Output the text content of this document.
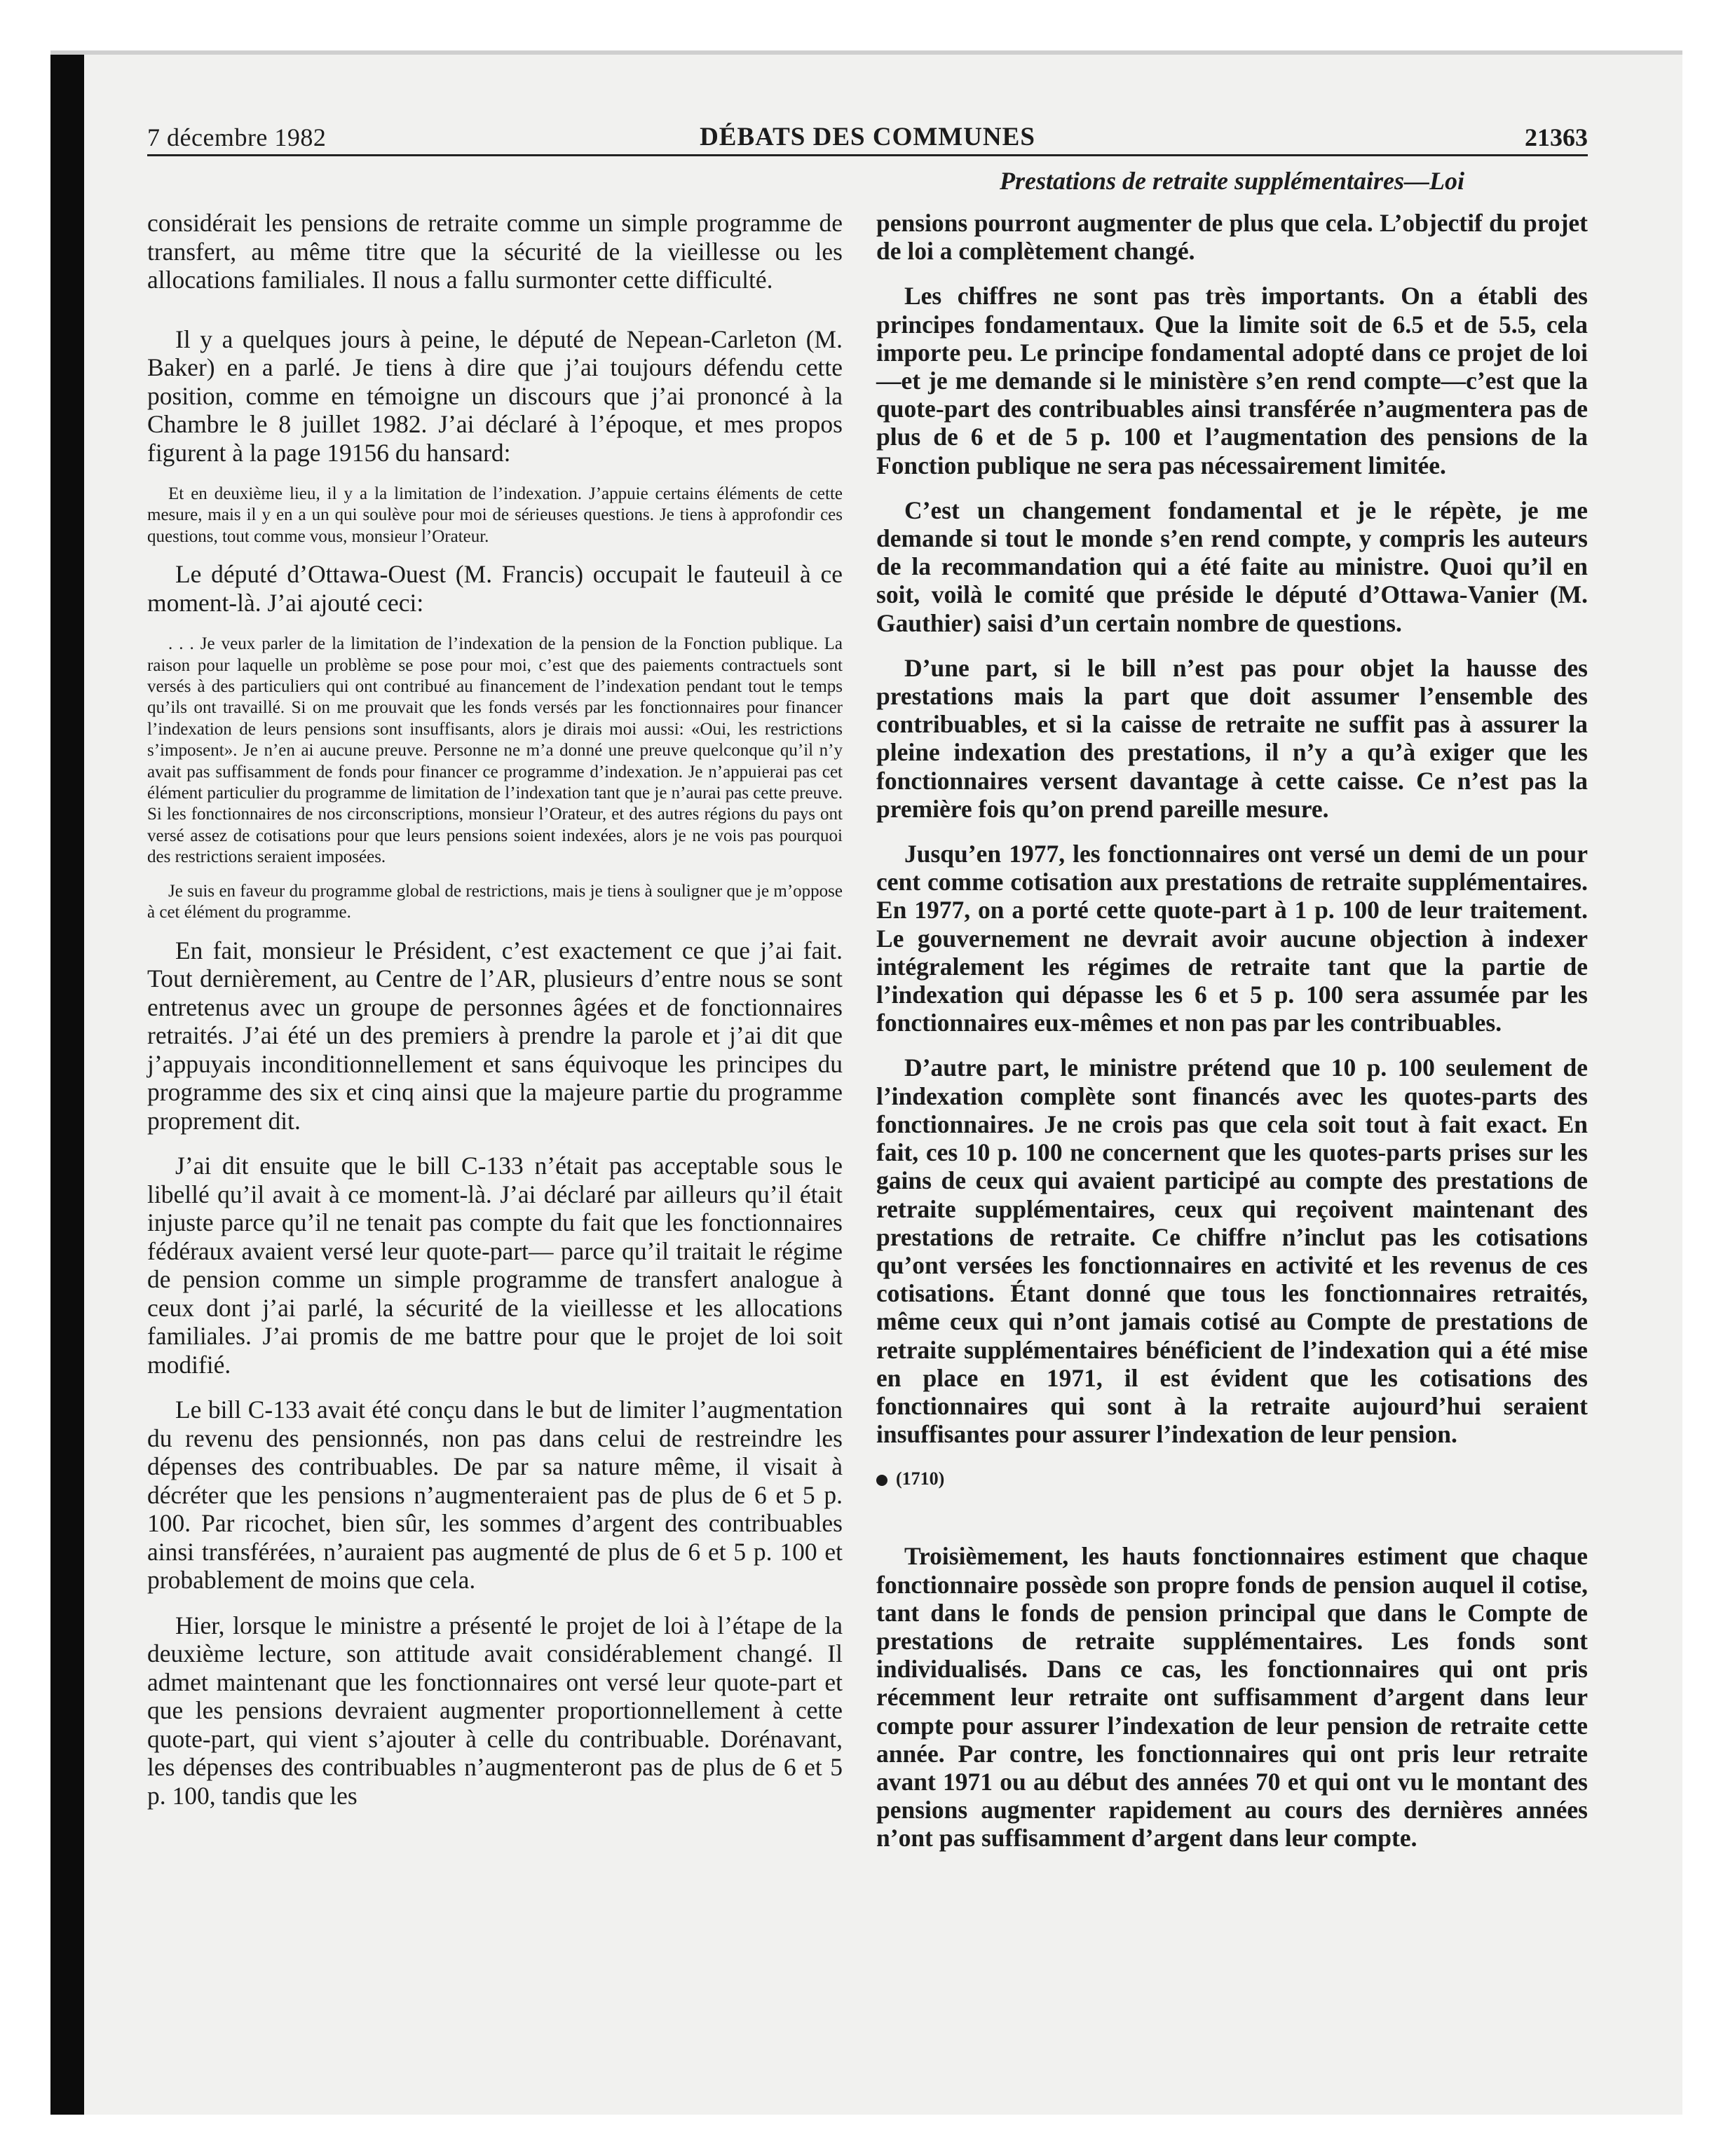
7 décembre 1982	DÉBATS DES COMMUNES	21363
Prestations de retraite supplémentaires—Loi

considérait les pensions de retraite comme un simple programme de transfert, au même titre que la sécurité de la vieillesse ou les allocations familiales. Il nous a fallu surmonter cette difficulté.

Il y a quelques jours à peine, le député de Nepean-Carleton (M. Baker) en a parlé. Je tiens à dire que j’ai toujours défendu cette position, comme en témoigne un discours que j’ai prononcé à la Chambre le 8 juillet 1982. J’ai déclaré à l’époque, et mes propos figurent à la page 19156 du hansard:

Et en deuxième lieu, il y a la limitation de l’indexation. J’appuie certains éléments de cette mesure, mais il y en a un qui soulève pour moi de sérieuses questions. Je tiens à approfondir ces questions, tout comme vous, monsieur l’Orateur.

Le député d’Ottawa-Ouest (M. Francis) occupait le fauteuil à ce moment-là. J’ai ajouté ceci:

. . . Je veux parler de la limitation de l’indexation de la pension de la Fonction publique. La raison pour laquelle un problème se pose pour moi, c’est que des paiements contractuels sont versés à des particuliers qui ont contribué au financement de l’indexation pendant tout le temps qu’ils ont travaillé. Si on me prouvait que les fonds versés par les fonctionnaires pour financer l’indexation de leurs pensions sont insuffisants, alors je dirais moi aussi: «Oui, les restrictions s’imposent». Je n’en ai aucune preuve. Personne ne m’a donné une preuve quelconque qu’il n’y avait pas suffisamment de fonds pour financer ce programme d’indexation. Je n’appuierai pas cet élément particulier du programme de limitation de l’indexation tant que je n’aurai pas cette preuve. Si les fonctionnaires de nos circonscriptions, monsieur l’Orateur, et des autres régions du pays ont versé assez de cotisations pour que leurs pensions soient indexées, alors je ne vois pas pourquoi des restrictions seraient imposées.

Je suis en faveur du programme global de restrictions, mais je tiens à souligner que je m’oppose à cet élément du programme.

En fait, monsieur le Président, c’est exactement ce que j’ai fait. Tout dernièrement, au Centre de l’AR, plusieurs d’entre nous se sont entretenus avec un groupe de personnes âgées et de fonctionnaires retraités. J’ai été un des premiers à prendre la parole et j’ai dit que j’appuyais inconditionnellement et sans équivoque les principes du programme des six et cinq ainsi que la majeure partie du programme proprement dit.

J’ai dit ensuite que le bill C-133 n’était pas acceptable sous le libellé qu’il avait à ce moment-là. J’ai déclaré par ailleurs qu’il était injuste parce qu’il ne tenait pas compte du fait que les fonctionnaires fédéraux avaient versé leur quote-part— parce qu’il traitait le régime de pension comme un simple programme de transfert analogue à ceux dont j’ai parlé, la sécurité de la vieillesse et les allocations familiales. J’ai promis de me battre pour que le projet de loi soit modifié.

Le bill C-133 avait été conçu dans le but de limiter l’augmentation du revenu des pensionnés, non pas dans celui de restreindre les dépenses des contribuables. De par sa nature même, il visait à décréter que les pensions n’augmenteraient pas de plus de 6 et 5 p. 100. Par ricochet, bien sûr, les sommes d’argent des contribuables ainsi transférées, n’auraient pas augmenté de plus de 6 et 5 p. 100 et probablement de moins que cela.

Hier, lorsque le ministre a présenté le projet de loi à l’étape de la deuxième lecture, son attitude avait considérablement changé. Il admet maintenant que les fonctionnaires ont versé leur quote-part et que les pensions devraient augmenter proportionnellement à cette quote-part, qui vient s’ajouter à celle du contribuable. Dorénavant, les dépenses des contribuables n’augmenteront pas de plus de 6 et 5 p. 100, tandis que les

pensions pourront augmenter de plus que cela. L’objectif du projet de loi a complètement changé.

Les chiffres ne sont pas très importants. On a établi des principes fondamentaux. Que la limite soit de 6.5 et de 5.5, cela importe peu. Le principe fondamental adopté dans ce projet de loi—et je me demande si le ministère s’en rend compte—c’est que la quote-part des contribuables ainsi transférée n’augmentera pas de plus de 6 et de 5 p. 100 et l’augmentation des pensions de la Fonction publique ne sera pas nécessairement limitée.

C’est un changement fondamental et je le répète, je me demande si tout le monde s’en rend compte, y compris les auteurs de la recommandation qui a été faite au ministre. Quoi qu’il en soit, voilà le comité que préside le député d’Ottawa-Vanier (M. Gauthier) saisi d’un certain nombre de questions.

D’une part, si le bill n’est pas pour objet la hausse des prestations mais la part que doit assumer l’ensemble des contribuables, et si la caisse de retraite ne suffit pas à assurer la pleine indexation des prestations, il n’y a qu’à exiger que les fonctionnaires versent davantage à cette caisse. Ce n’est pas la première fois qu’on prend pareille mesure.

Jusqu’en 1977, les fonctionnaires ont versé un demi de un pour cent comme cotisation aux prestations de retraite supplémentaires. En 1977, on a porté cette quote-part à 1 p. 100 de leur traitement. Le gouvernement ne devrait avoir aucune objection à indexer intégralement les régimes de retraite tant que la partie de l’indexation qui dépasse les 6 et 5 p. 100 sera assumée par les fonctionnaires eux-mêmes et non pas par les contribuables.

D’autre part, le ministre prétend que 10 p. 100 seulement de l’indexation complète sont financés avec les quotes-parts des fonctionnaires. Je ne crois pas que cela soit tout à fait exact. En fait, ces 10 p. 100 ne concernent que les quotes-parts prises sur les gains de ceux qui avaient participé au compte des prestations de retraite supplémentaires, ceux qui reçoivent maintenant des prestations de retraite. Ce chiffre n’inclut pas les cotisations qu’ont versées les fonctionnaires en activité et les revenus de ces cotisations. Étant donné que tous les fonctionnaires retraités, même ceux qui n’ont jamais cotisé au Compte de prestations de retraite supplémentaires bénéficient de l’indexation qui a été mise en place en 1971, il est évident que les cotisations des fonctionnaires qui sont à la retraite aujourd’hui seraient insuffisantes pour assurer l’indexation de leur pension.

(1710)

Troisièmement, les hauts fonctionnaires estiment que chaque fonctionnaire possède son propre fonds de pension auquel il cotise, tant dans le fonds de pension principal que dans le Compte de prestations de retraite supplémentaires. Les fonds sont individualisés. Dans ce cas, les fonctionnaires qui ont pris récemment leur retraite ont suffisamment d’argent dans leur compte pour assurer l’indexation de leur pension de retraite cette année. Par contre, les fonctionnaires qui ont pris leur retraite avant 1971 ou au début des années 70 et qui ont vu le montant des pensions augmenter rapidement au cours des dernières années n’ont pas suffisamment d’argent dans leur compte.
